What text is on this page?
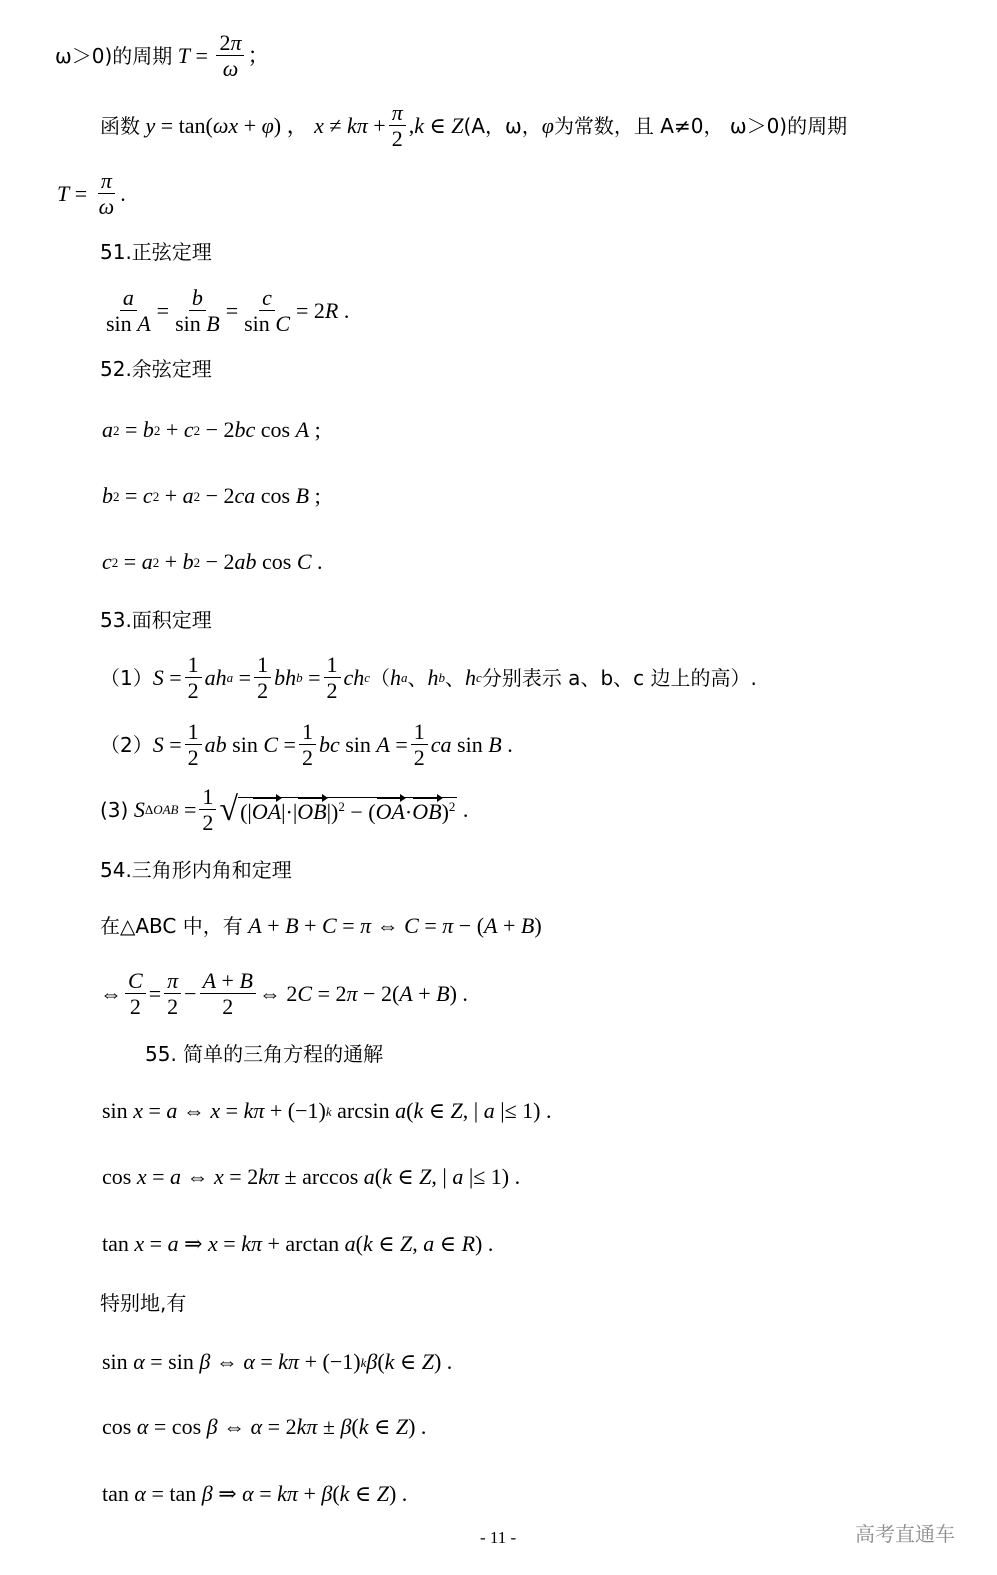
ω＞0)的周期 $T = \frac{2\pi}{\omega}$ ；
函数 y = tan( ωx + φ ) ， $x \ne k\pi + \frac{\pi}{2}$ , k ∈ Z (A，ω， φ 为常数，且 A≠0， ω＞0)的周期
$T = \frac{\pi}{\omega}$ .
51.正弦定理
$\frac{a}{\text{sin A}} = \frac{b}{\text{sin B}} = \frac{c}{\text{sin C}} = 2R$ .
52.余弦定理
a 2 = b 2 + c 2 − 2 bc cos A ;
b 2 = c 2 + a 2 − 2 ca cos B ;
c 2 = a 2 + b 2 − 2 ab cos C .
53.面积定理
（1） $S = \frac{1}{2}$ ah $a = \frac{1}{2}$ bh $b = \frac{1}{2}$ ch c （ h a 、 h b 、 h c 分别表示 a、b、c 边上的高）.
（2） $S = \frac{1}{2}$ ab $\sin C = \frac{1}{2}$ bc $\sin A = \frac{1}{2}$ ca sin B .
(3) S $\Delta OAB = \frac{1}{2}$ √ $(|OA|\cdot|OB|)^2 - (OA\cdot OB)^2$ .
54.三角形内角和定理
在△ABC 中，有
A + B + C = π ⇔ C = π − ( A + B )
⇔ $\frac{C}{2} = \frac{\pi}{2} - \frac{A + B}{2}$ ⇔ 2 C = 2 π − 2( A + B ) .
55. 简单的三角方程的通解
sin x = a ⇔ x = kπ + (−1) k arcsin a ( k ∈ Z , | a |≤ 1) .
cos x = a ⇔ x = 2 kπ ± arccos a ( k ∈ Z , | a |≤ 1) .
tan x = a ⇒ x = kπ + arctan a ( k ∈ Z , a ∈ R ) .
特别地,有
sin α = sin β ⇔ α = kπ + (−1) k β ( k ∈ Z ) .
cos α = cos β ⇔ α = 2 kπ ± β ( k ∈ Z ) .
tan α = tan β ⇒ α = kπ + β ( k ∈ Z ) .
- 11 -	高考直通车
